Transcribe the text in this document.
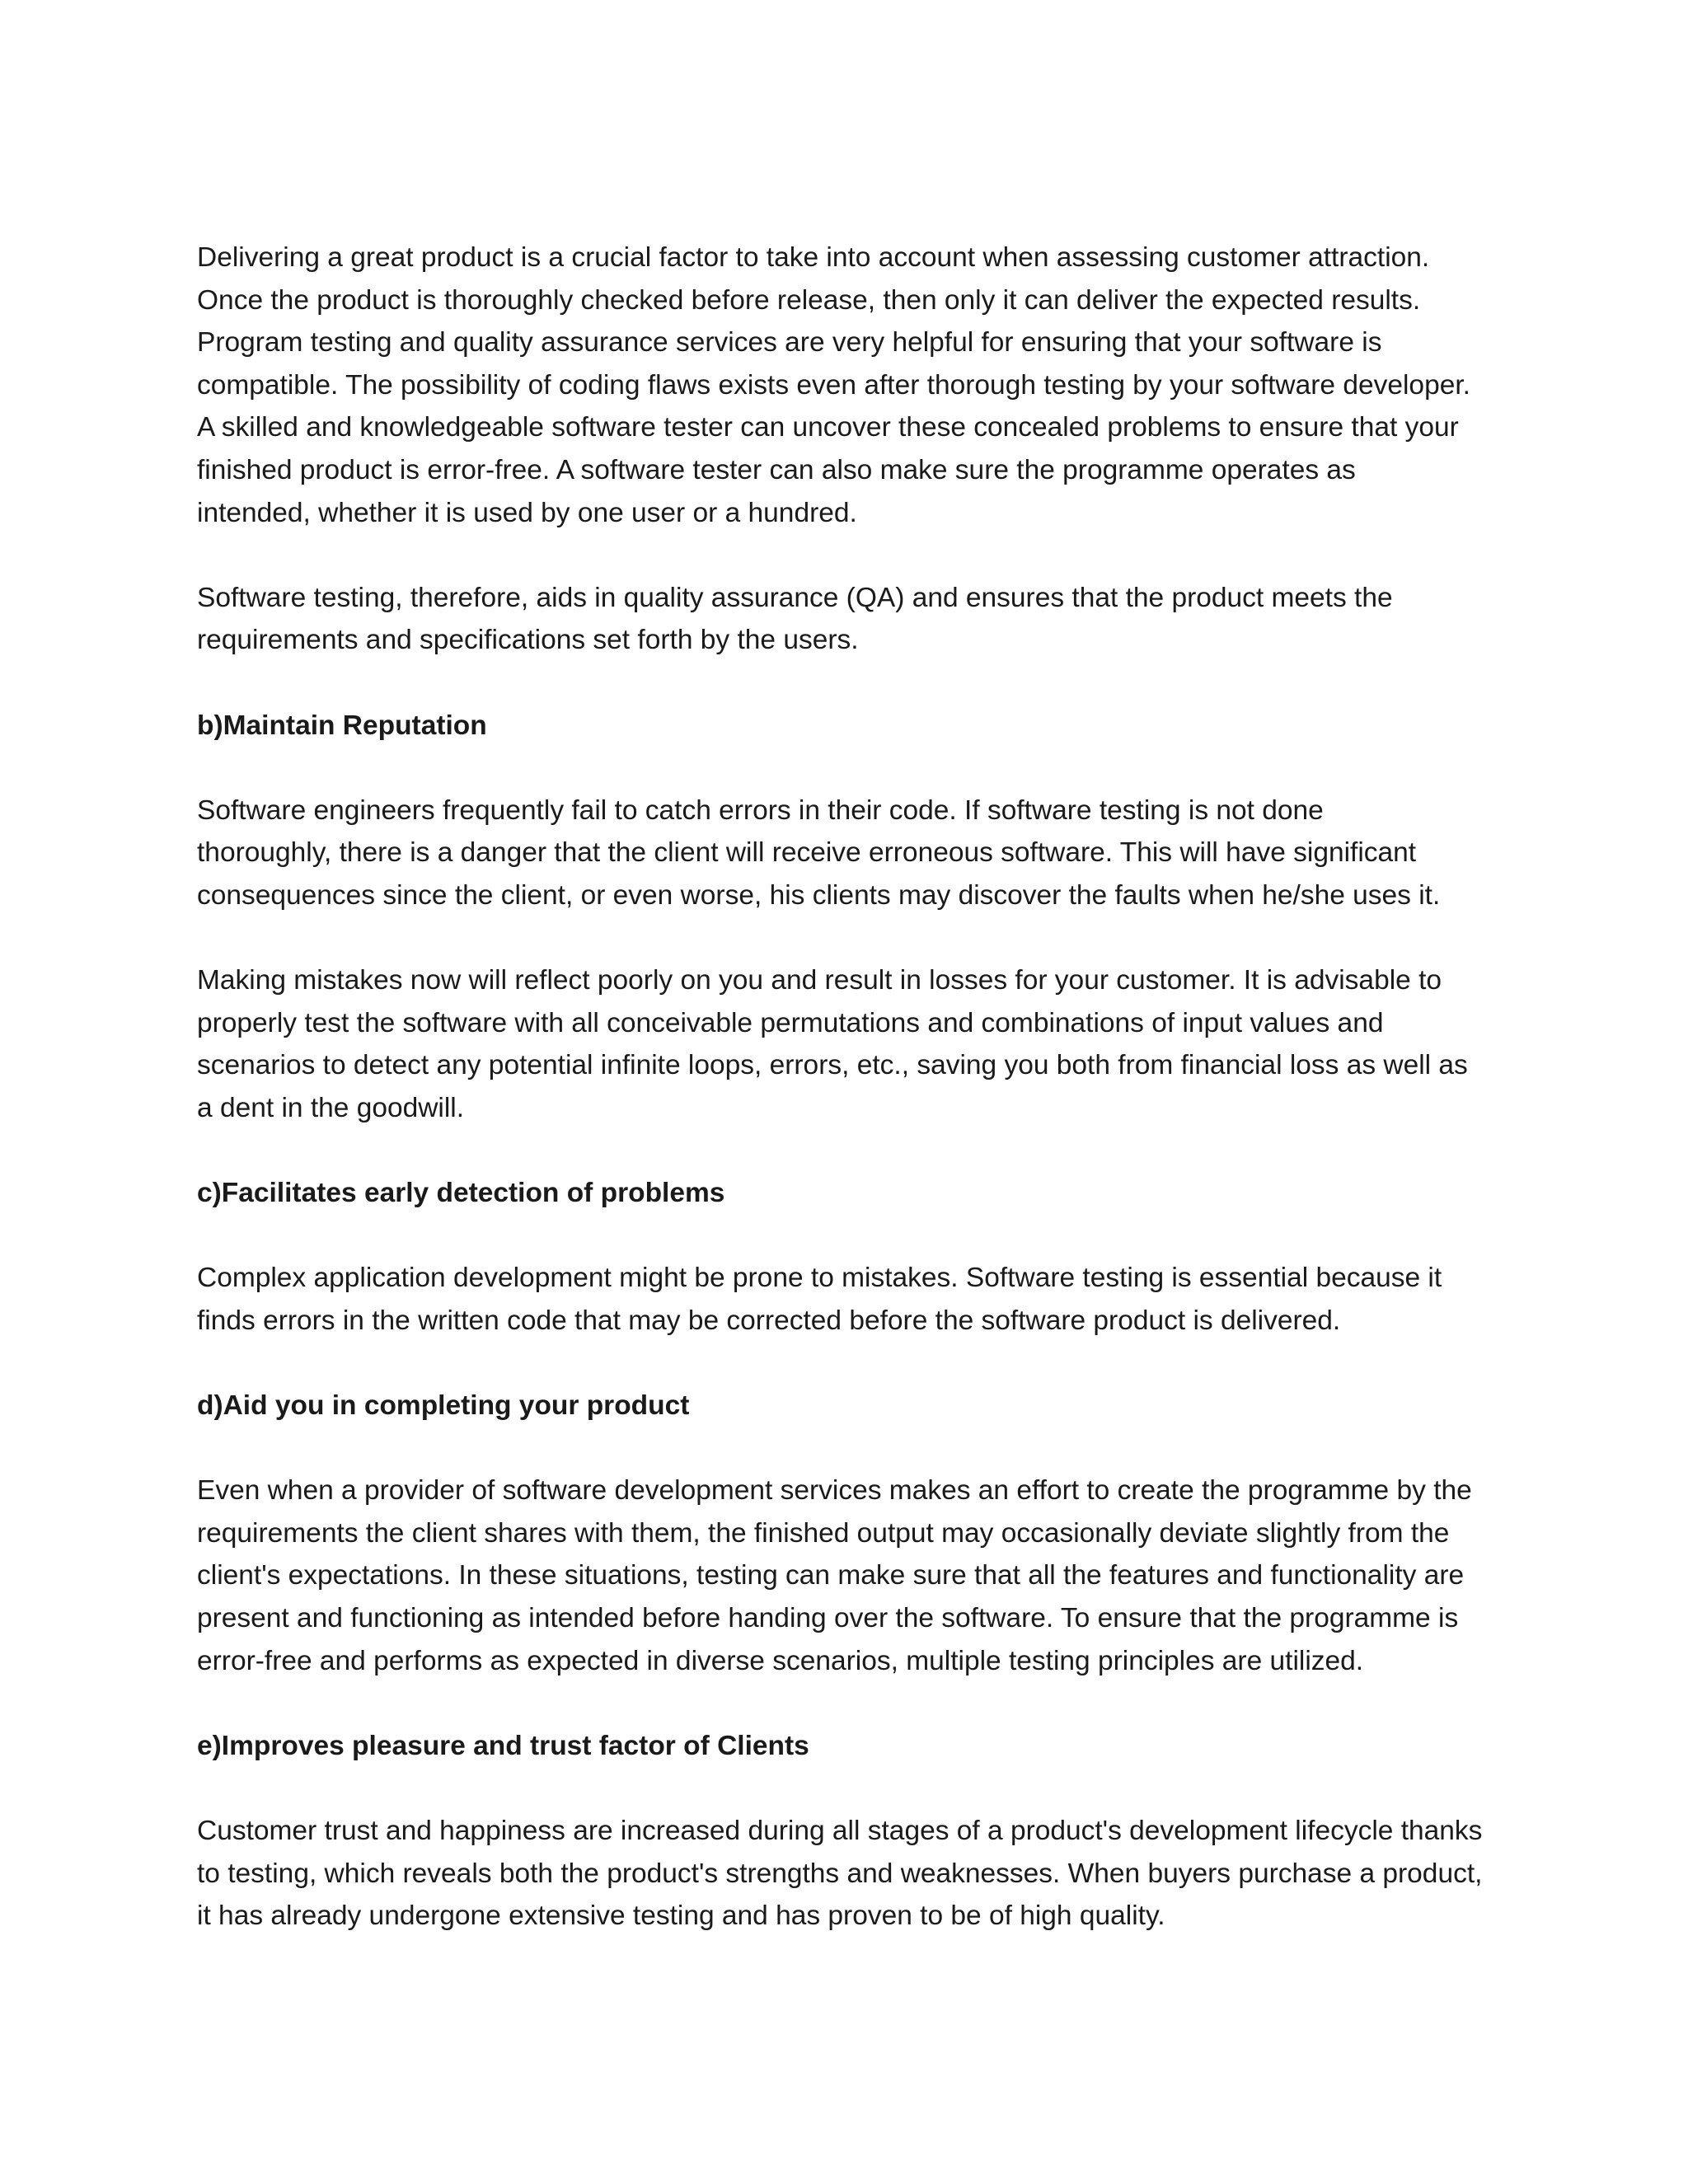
Delivering a great product is a crucial factor to take into account when assessing customer attraction.
Once the product is thoroughly checked before release, then only it can deliver the expected results.
Program testing and quality assurance services are very helpful for ensuring that your software is
compatible. The possibility of coding flaws exists even after thorough testing by your software developer.
A skilled and knowledgeable software tester can uncover these concealed problems to ensure that your
finished product is error-free. A software tester can also make sure the programme operates as
intended, whether it is used by one user or a hundred.

Software testing, therefore, aids in quality assurance (QA) and ensures that the product meets the
requirements and specifications set forth by the users.

b)Maintain Reputation

Software engineers frequently fail to catch errors in their code. If software testing is not done
thoroughly, there is a danger that the client will receive erroneous software. This will have significant
consequences since the client, or even worse, his clients may discover the faults when he/she uses it.

Making mistakes now will reflect poorly on you and result in losses for your customer. It is advisable to
properly test the software with all conceivable permutations and combinations of input values and
scenarios to detect any potential infinite loops, errors, etc., saving you both from financial loss as well as
a dent in the goodwill.

c)Facilitates early detection of problems

Complex application development might be prone to mistakes. Software testing is essential because it
finds errors in the written code that may be corrected before the software product is delivered.

d)Aid you in completing your product

Even when a provider of software development services makes an effort to create the programme by the
requirements the client shares with them, the finished output may occasionally deviate slightly from the
client's expectations. In these situations, testing can make sure that all the features and functionality are
present and functioning as intended before handing over the software. To ensure that the programme is
error-free and performs as expected in diverse scenarios, multiple testing principles are utilized.

e)Improves pleasure and trust factor of Clients

Customer trust and happiness are increased during all stages of a product's development lifecycle thanks
to testing, which reveals both the product's strengths and weaknesses. When buyers purchase a product,
it has already undergone extensive testing and has proven to be of high quality.
